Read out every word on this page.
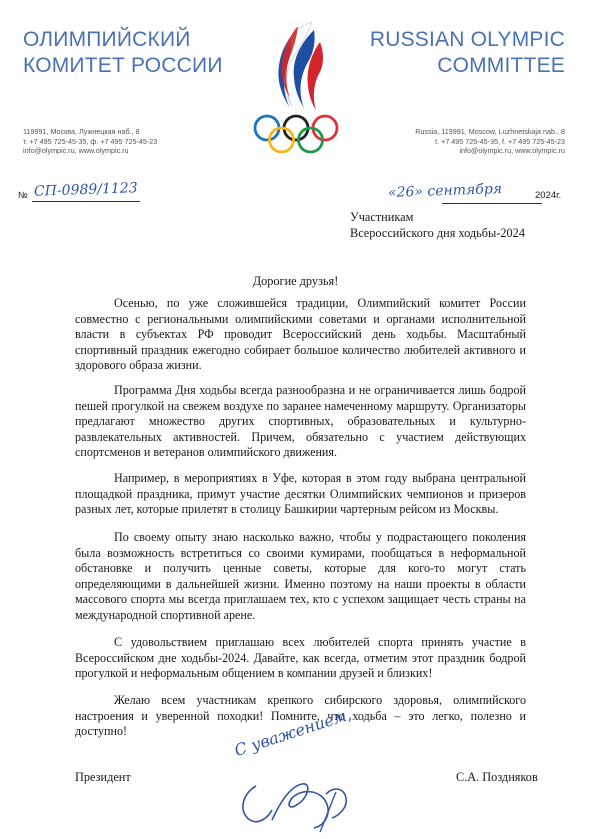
ОЛИМПИЙСКИЙ
КОМИТЕТ РОССИИ
RUSSIAN OLYMPIC
COMMITTEE
119991, Москва, Лужнецкая наб., 8
т. +7 495 725-45-35, ф. +7 495 725-45-23
info@olympic.ru, www.olympic.ru
Russia, 119991, Moscow, Luzhnetskaja nab., 8
t. +7 495 725-45-35, f. +7 495 725-45-23
info@olympic.ru, www.olympic.ru
№ СП-0989/1123	«26» сентября	2024г.
Участникам
Всероссийского дня ходьбы-2024
Дорогие друзья!

Осенью, по уже сложившейся традиции, Олимпийский комитет России совместно с региональными олимпийскими советами и органами исполнительной власти в субъектах РФ проводит Всероссийский день ходьбы. Масштабный спортивный праздник ежегодно собирает большое количество любителей активного и здорового образа жизни.

Программа Дня ходьбы всегда разнообразна и не ограничивается лишь бодрой пешей прогулкой на свежем воздухе по заранее намеченному маршруту. Организаторы предлагают множество других спортивных, образовательных и культурно-развлекательных активностей. Причем, обязательно с участием действующих спортсменов и ветеранов олимпийского движения.

Например, в мероприятиях в Уфе, которая в этом году выбрана центральной площадкой праздника, примут участие десятки Олимпийских чемпионов и призеров разных лет, которые прилетят в столицу Башкирии чартерным рейсом из Москвы.

По своему опыту знаю насколько важно, чтобы у подрастающего поколения была возможность встретиться со своими кумирами, пообщаться в неформальной обстановке и получить ценные советы, которые для кого-то могут стать определяющими в дальнейшей жизни. Именно поэтому на наши проекты в области массового спорта мы всегда приглашаем тех, кто с успехом защищает честь страны на международной спортивной арене.

С удовольствием приглашаю всех любителей спорта принять участие в Всероссийском дне ходьбы-2024. Давайте, как всегда, отметим этот праздник бодрой прогулкой и неформальным общением в компании друзей и близких!

Желаю всем участникам крепкого сибирского здоровья, олимпийского настроения и уверенной походки! Помните, что ходьба – это легко, полезно и доступно!	С уважением,
Президент	С.А. Поздняков
